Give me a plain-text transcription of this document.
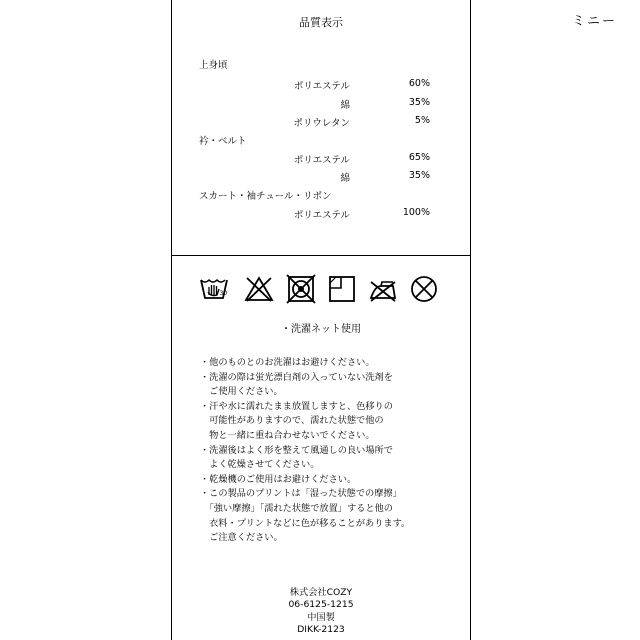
ミニー
品質表示
上身頃
ポリエステル	60%
綿	35%
ポリウレタン	5%
衿・ベルト
ポリエステル	65%
綿	35%
スカート・袖チュール・リボン
ポリエステル	100%
30
・洗濯ネット使用
・他のものとのお洗濯はお避けください。
・洗濯の際は蛍光漂白剤の入っていない洗剤を
　ご使用ください。
・汗や水に濡れたまま放置しますと、色移りの
　可能性がありますので、濡れた状態で他の
　物と一緒に重ね合わせないでください。
・洗濯後はよく形を整えて風通しの良い場所で
　よく乾燥させてください。
・乾燥機のご使用はお避けください。
・この製品のプリントは「湿った状態での摩擦」
　「強い摩擦」「濡れた状態で放置」すると他の
　衣料・プリントなどに色が移ることがあります。
　ご注意ください。
株式会社COZY
06-6125-1215
中国製
DIKK-2123
